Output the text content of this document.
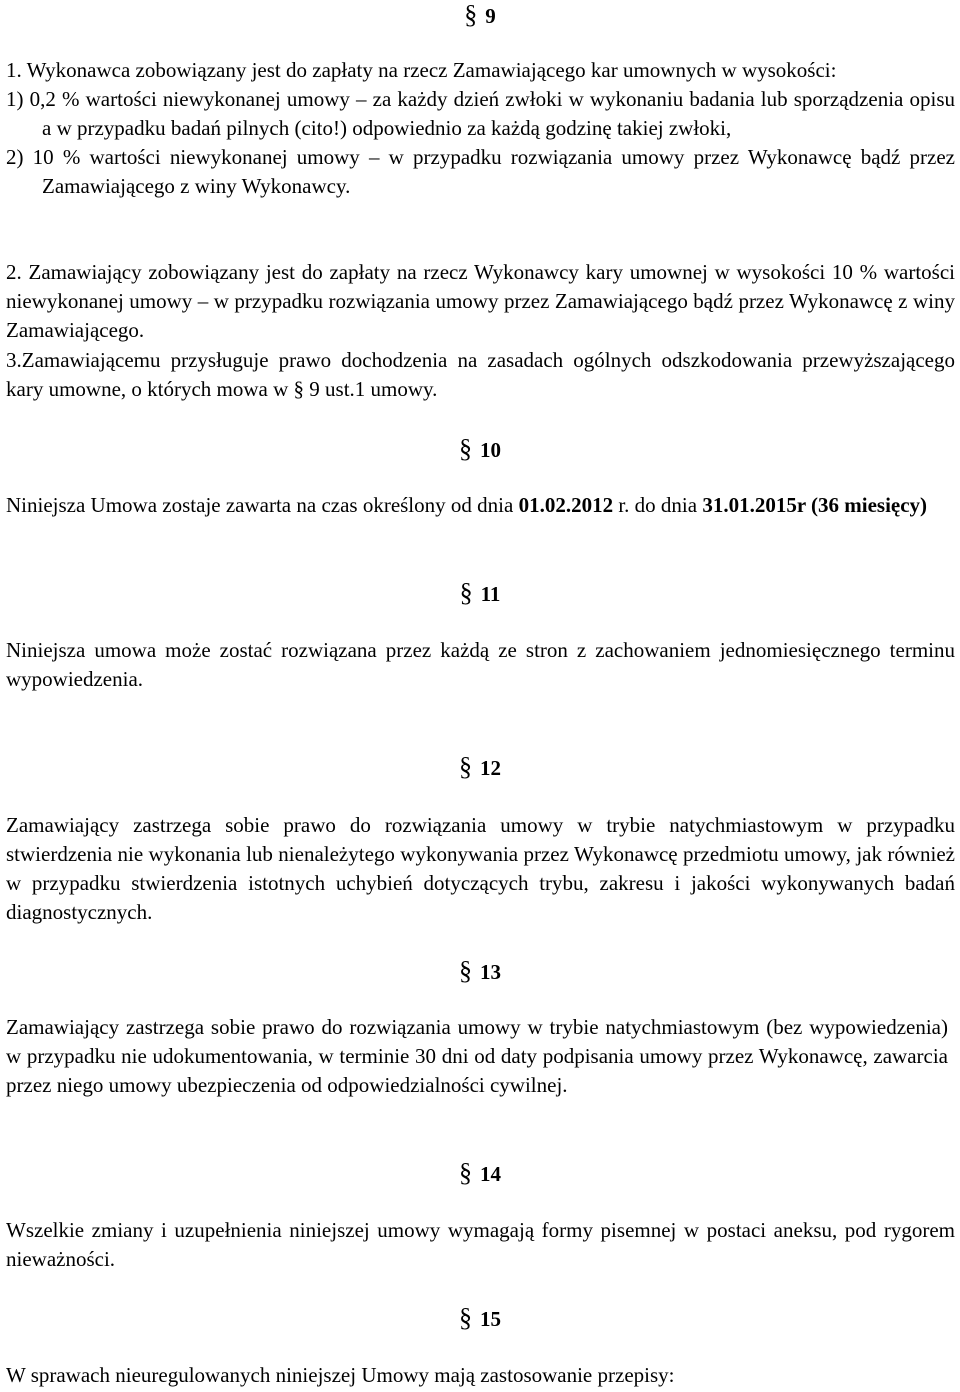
§ 9

1. Wykonawca zobowiązany jest do zapłaty na rzecz Zamawiającego kar umownych w wysokości:

1) 0,2 % wartości niewykonanej umowy – za każdy dzień zwłoki w wykonaniu badania lub sporządzenia opisu a w przypadku badań pilnych (cito!) odpowiednio za każdą godzinę takiej zwłoki,

2) 10 % wartości niewykonanej umowy – w przypadku rozwiązania umowy przez Wykonawcę bądź przez Zamawiającego z winy Wykonawcy.

2. Zamawiający zobowiązany jest do zapłaty na rzecz Wykonawcy kary umownej w wysokości 10 % wartości niewykonanej umowy – w przypadku rozwiązania umowy przez Zamawiającego bądź przez Wykonawcę z winy Zamawiającego.

3.Zamawiającemu przysługuje prawo dochodzenia na zasadach ogólnych odszkodowania przewyższającego kary umowne, o których mowa w § 9 ust.1 umowy.

§ 10

Niniejsza Umowa zostaje zawarta na czas określony od dnia 01.02.2012 r. do dnia 31.01.2015r (36 miesięcy)

§ 11

Niniejsza umowa może zostać rozwiązana przez każdą ze stron z zachowaniem jednomiesięcznego terminu wypowiedzenia.

§ 12

Zamawiający zastrzega sobie prawo do rozwiązania umowy w trybie natychmiastowym w przypadku stwierdzenia nie wykonania lub nienależytego wykonywania przez Wykonawcę przedmiotu umowy, jak również w przypadku stwierdzenia istotnych uchybień dotyczących trybu, zakresu i jakości wykonywanych badań diagnostycznych.

§ 13

Zamawiający zastrzega sobie prawo do rozwiązania umowy w trybie natychmiastowym (bez wypowiedzenia) w przypadku nie udokumentowania, w terminie 30 dni od daty podpisania umowy przez Wykonawcę, zawarcia przez niego umowy ubezpieczenia od odpowiedzialności cywilnej.

§ 14

Wszelkie zmiany i uzupełnienia niniejszej umowy wymagają formy pisemnej w postaci aneksu, pod rygorem nieważności.

§ 15

W sprawach nieuregulowanych niniejszej Umowy mają zastosowanie przepisy:
